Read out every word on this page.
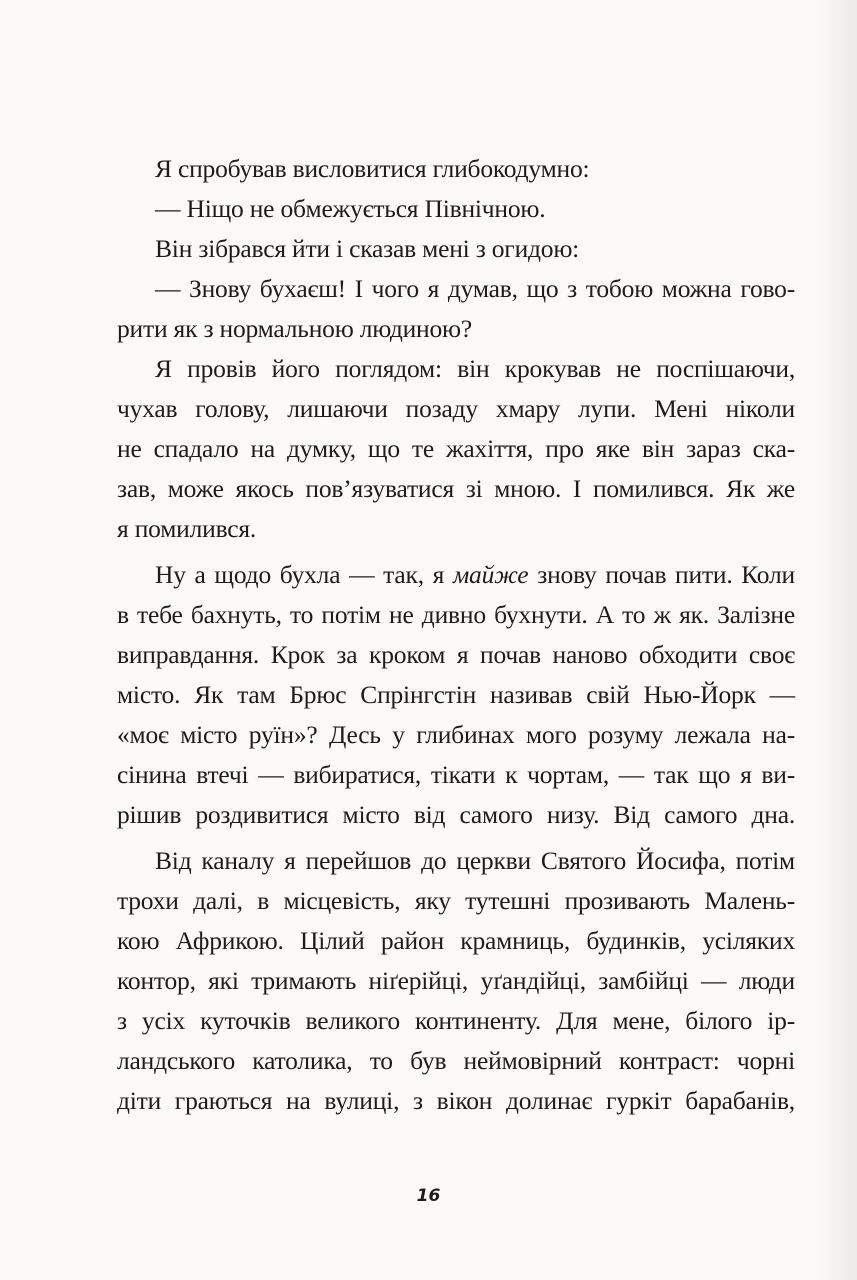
Я спробував висловитися глибокодумно:
— Ніщо не обмежується Північною.
Він зібрався йти і сказав мені з огидою:
— Знову бухаєш! І чого я думав, що з тобою можна гово-
рити як з нормальною людиною?
Я провів його поглядом: він крокував не поспішаючи,
чухав голову, лишаючи позаду хмару лупи. Мені ніколи
не спадало на думку, що те жахіття, про яке він зараз ска-
зав, може якось пов’язуватися зі мною. І помилився. Як же
я помилився.
Ну а щодо бухла — так, я майже знову почав пити. Коли
в тебе бахнуть, то потім не дивно бухнути. А то ж як. Залізне
виправдання. Крок за кроком я почав наново обходити своє
місто. Як там Брюс Спрінгстін називав свій Нью-Йорк —
«моє місто руїн»? Десь у глибинах мого розуму лежала на-
сінина втечі — вибиратися, тікати к чортам, — так що я ви-
рішив роздивитися місто від самого низу. Від самого дна.
Від каналу я перейшов до церкви Святого Йосифа, потім
трохи далі, в місцевість, яку тутешні прозивають Малень-
кою Африкою. Цілий район крамниць, будинків, усіляких
контор, які тримають ніґерійці, уґандійці, замбійці — люди
з усіх куточків великого континенту. Для мене, білого ір-
ландського католика, то був неймовірний контраст: чорні
діти граються на вулиці, з вікон долинає гуркіт барабанів,
16
